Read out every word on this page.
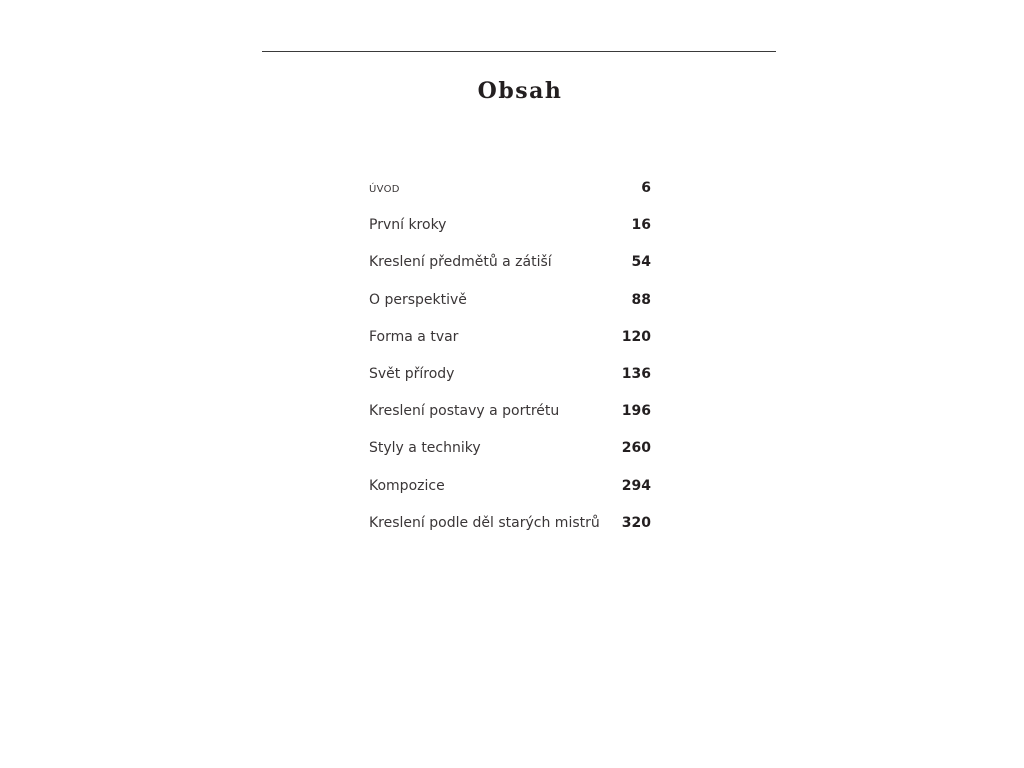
Obsah
ÚVOD	6
První kroky	16
Kreslení předmětů a zátiší	54
O perspektivě	88
Forma a tvar	120
Svět přírody	136
Kreslení postavy a portrétu	196
Styly a techniky	260
Kompozice	294
Kreslení podle děl starých mistrů 320
